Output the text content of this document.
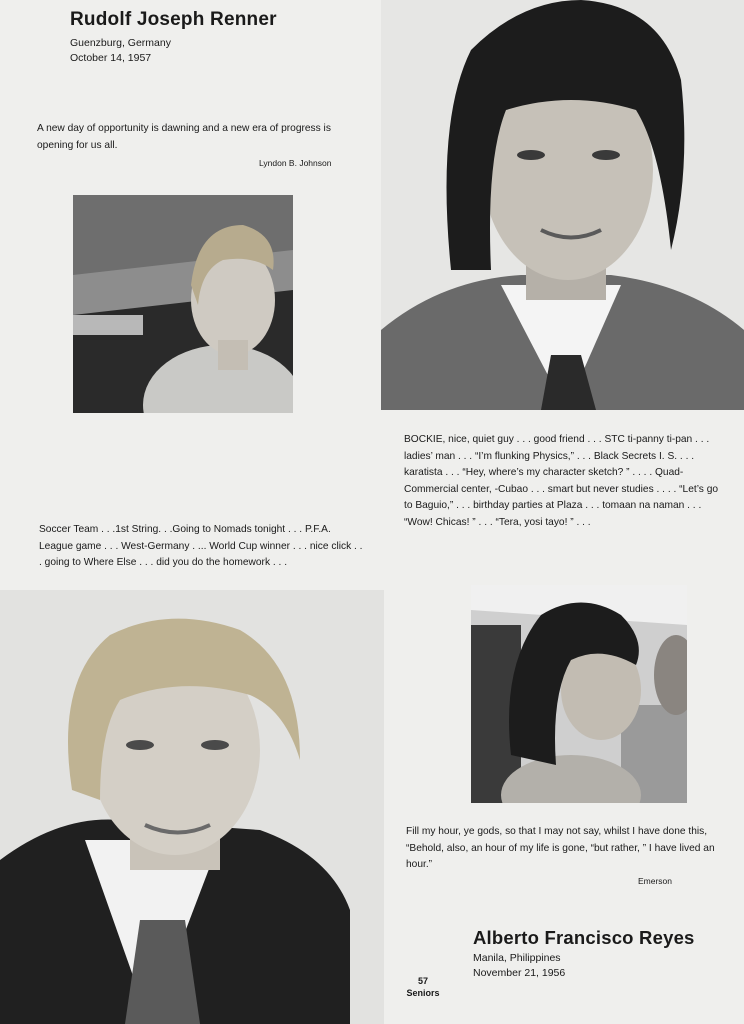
Rudolf Joseph Renner
Guenzburg, Germany
October 14, 1957
A new day of opportunity is dawning and a new era of progress is opening for us all.
Lyndon B. Johnson
BOCKIE, nice, quiet guy . . . good friend . . . STC ti-panny ti-pan . . . ladies’ man . . . “I’m flunking Physics,” . . . Black Secrets I. S. . . . karatista . . . “Hey, where’s my character sketch? ” . . . . Quad-Commercial center, -Cubao . . . smart but never studies . . . . “Let’s go to Baguio,” . . . birthday parties at Plaza . . . tomaan na naman . . . “Wow! Chicas! ” . . . “Tera, yosi tayo! ” . . .
Soccer Team . . .1st String. . .Going to Nomads tonight . . . P.F.A. League game . . . West-Germany . ... World Cup winner . . . nice click . . . going to Where Else . . . did you do the homework . . .
Fill my hour, ye gods, so that I may not say, whilst I have done this, “Behold, also, an hour of my life is gone, “but rather, ” I have lived an hour.”
Emerson
Alberto Francisco Reyes
Manila, Philippines
November 21, 1956
57
Seniors
